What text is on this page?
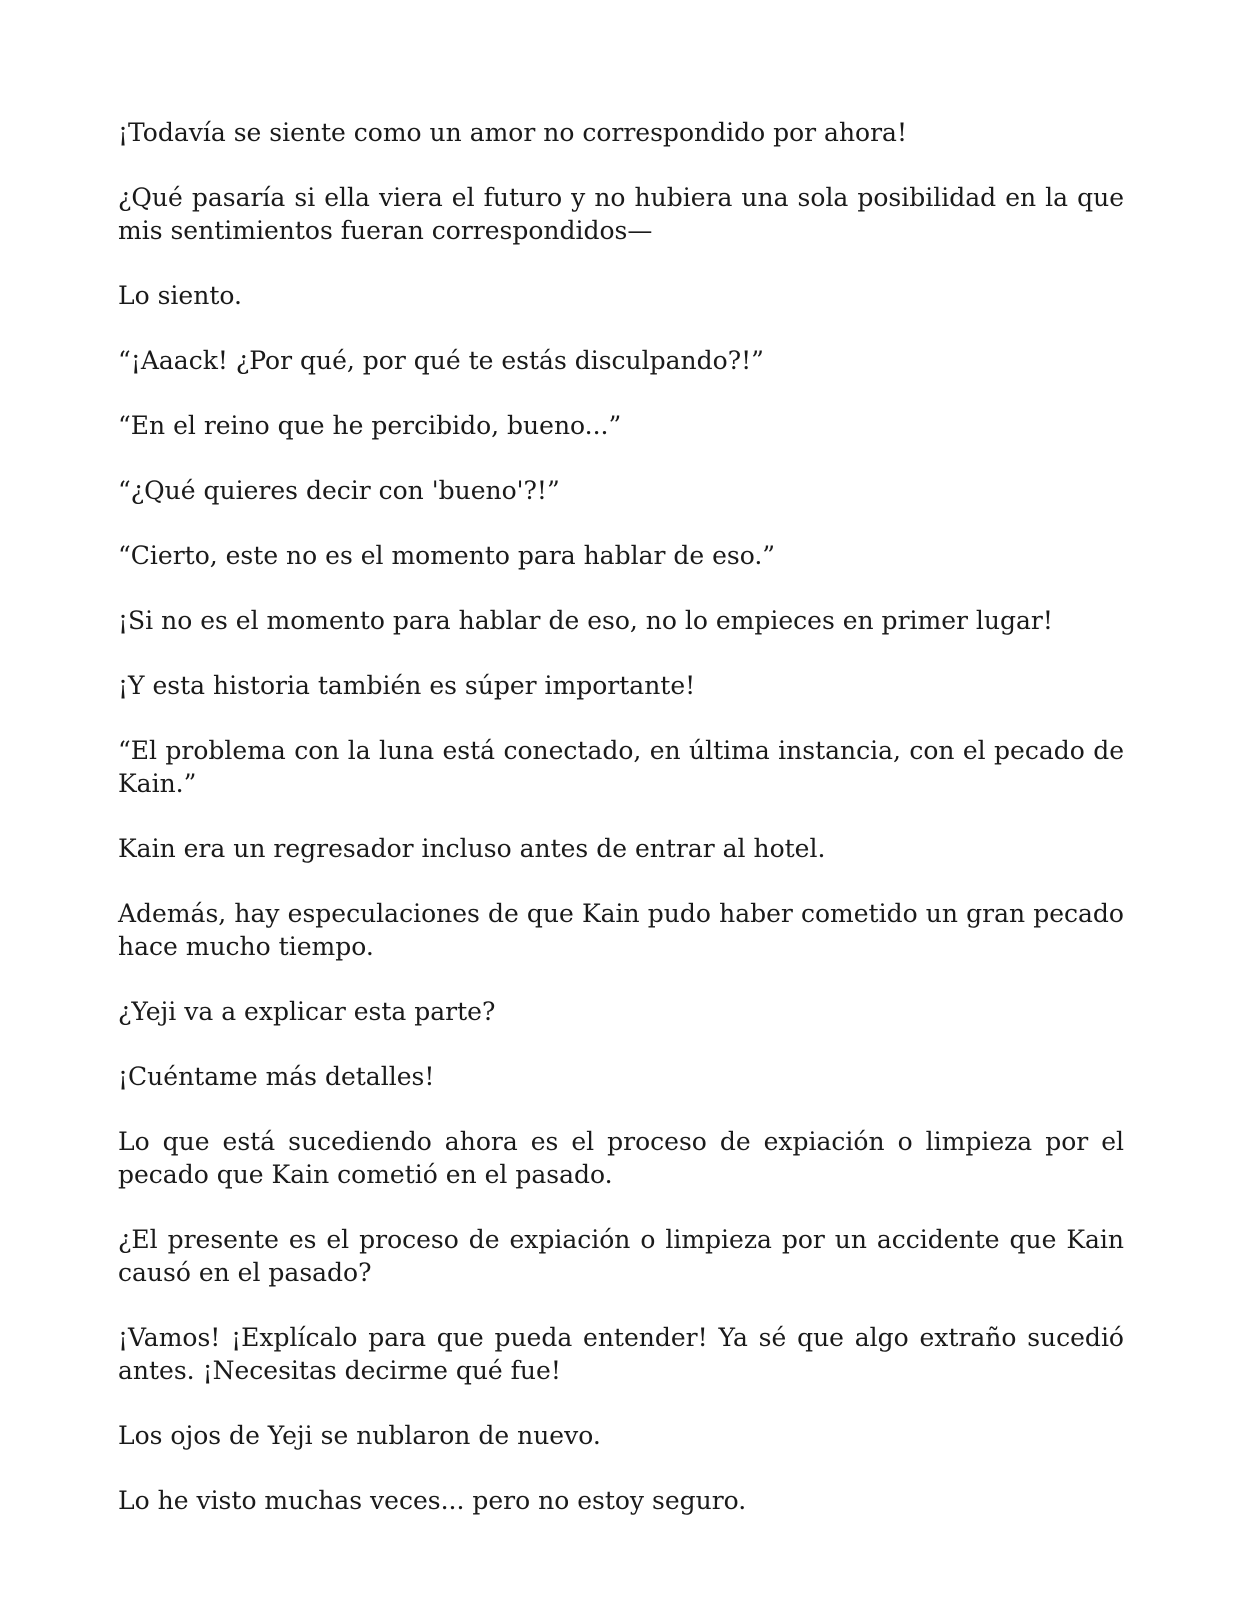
¡Todavía se siente como un amor no correspondido por ahora!

¿Qué pasaría si ella viera el futuro y no hubiera una sola posibilidad en la que mis sentimientos fueran correspondidos—

Lo siento.

“¡Aaack! ¿Por qué, por qué te estás disculpando?!”

“En el reino que he percibido, bueno...”

“¿Qué quieres decir con 'bueno'?!”

“Cierto, este no es el momento para hablar de eso.”

¡Si no es el momento para hablar de eso, no lo empieces en primer lugar!

¡Y esta historia también es súper importante!

“El problema con la luna está conectado, en última instancia, con el pecado de Kain.”

Kain era un regresador incluso antes de entrar al hotel.

Además, hay especulaciones de que Kain pudo haber cometido un gran pecado hace mucho tiempo.

¿Yeji va a explicar esta parte?

¡Cuéntame más detalles!

Lo que está sucediendo ahora es el proceso de expiación o limpieza por el pecado que Kain cometió en el pasado.

¿El presente es el proceso de expiación o limpieza por un accidente que Kain causó en el pasado?

¡Vamos! ¡Explícalo para que pueda entender! Ya sé que algo extraño sucedió antes. ¡Necesitas decirme qué fue!

Los ojos de Yeji se nublaron de nuevo.

Lo he visto muchas veces... pero no estoy seguro.
